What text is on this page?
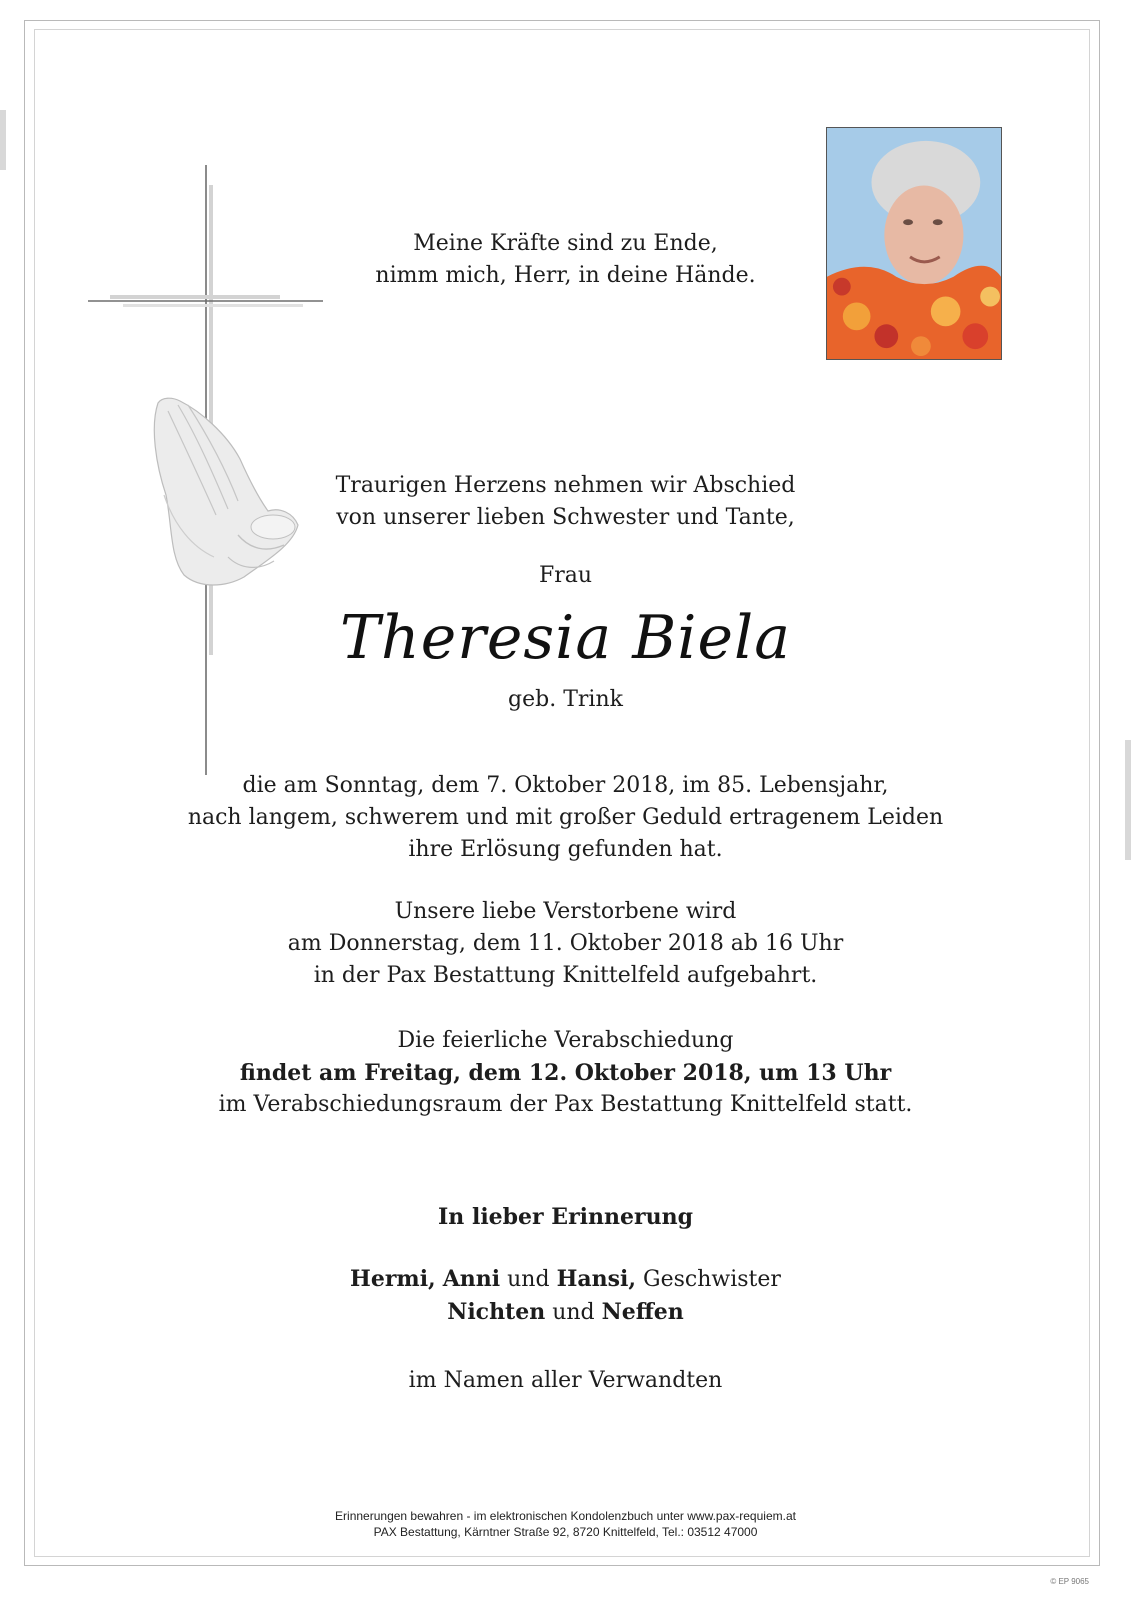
Meine Kräfte sind zu Ende,
nimm mich, Herr, in deine Hände.
Traurigen Herzens nehmen wir Abschied
von unserer lieben Schwester und Tante,
Frau
Theresia Biela
geb. Trink
die am Sonntag, dem 7. Oktober 2018, im 85. Lebensjahr,
nach langem, schwerem und mit großer Geduld ertragenem Leiden
ihre Erlösung gefunden hat.
Unsere liebe Verstorbene wird
am Donnerstag, dem 11. Oktober 2018 ab 16 Uhr
in der Pax Bestattung Knittelfeld aufgebahrt.
Die feierliche Verabschiedung
findet am Freitag, dem 12. Oktober 2018, um 13 Uhr
im Verabschiedungsraum der Pax Bestattung Knittelfeld statt.
In lieber Erinnerung
Hermi, Anni und Hansi, Geschwister
Nichten und Neffen
im Namen aller Verwandten
Erinnerungen bewahren - im elektronischen Kondolenzbuch unter www.pax-requiem.at
PAX Bestattung, Kärntner Straße 92, 8720 Knittelfeld, Tel.: 03512 47000
© EP 9065
